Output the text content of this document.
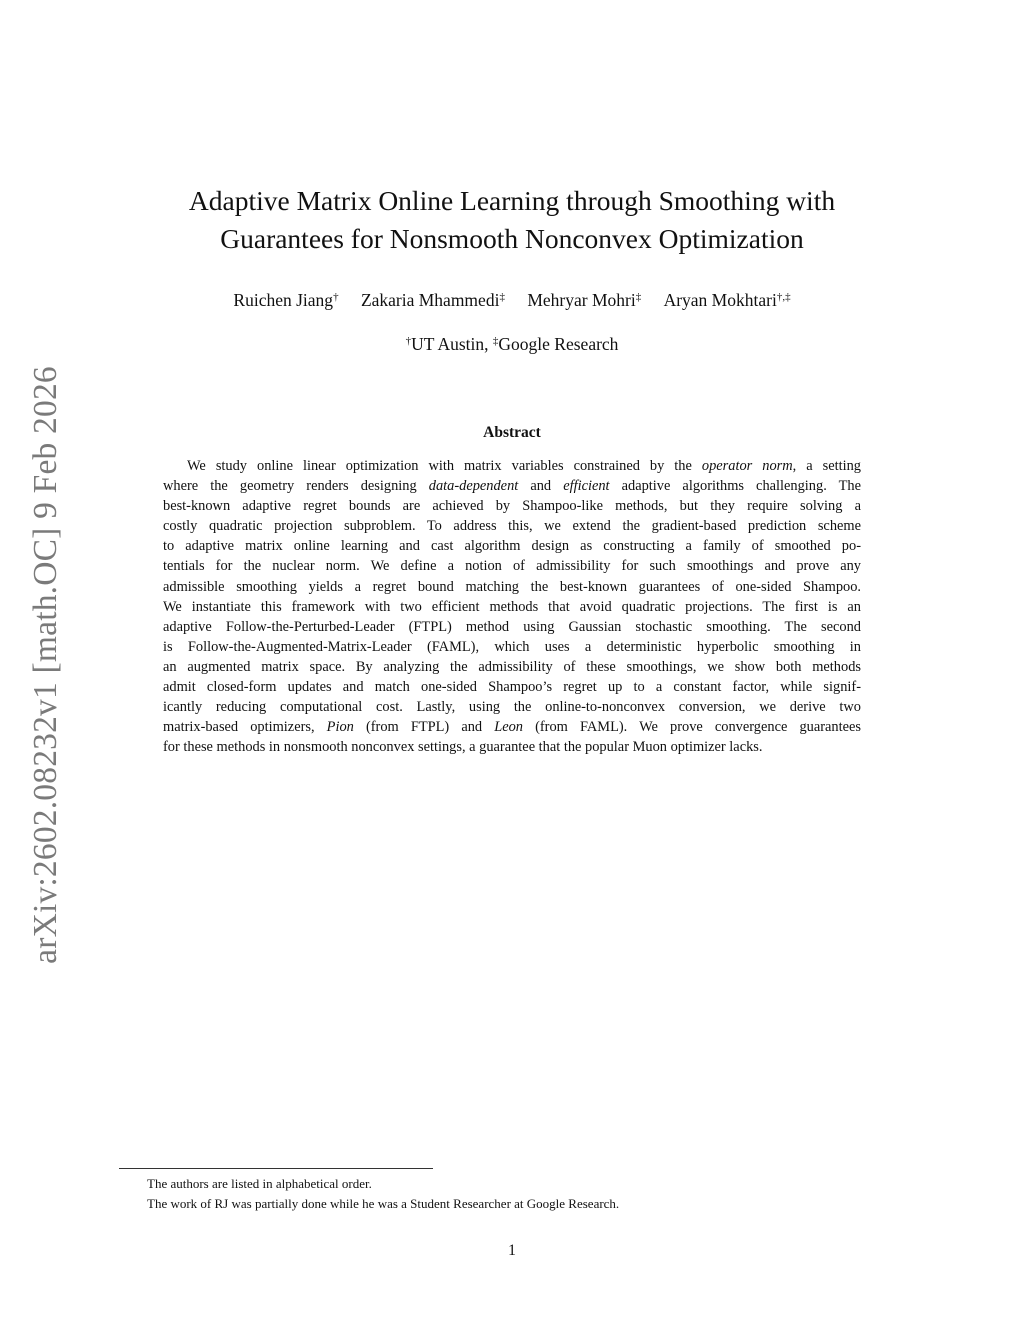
arXiv:2602.08232v1 [math.OC] 9 Feb 2026
Adaptive Matrix Online Learning through Smoothing with
Guarantees for Nonsmooth Nonconvex Optimization
Ruichen Jiang† Zakaria Mhammedi‡ Mehryar Mohri‡ Aryan Mokhtari†,‡
†UT Austin, ‡Google Research
Abstract

We study online linear optimization with matrix variables constrained by the operator norm, a setting
where the geometry renders designing data-dependent and efficient adaptive algorithms challenging. The
best-known adaptive regret bounds are achieved by Shampoo-like methods, but they require solving a
costly quadratic projection subproblem. To address this, we extend the gradient-based prediction scheme
to adaptive matrix online learning and cast algorithm design as constructing a family of smoothed po-
tentials for the nuclear norm. We define a notion of admissibility for such smoothings and prove any
admissible smoothing yields a regret bound matching the best-known guarantees of one-sided Shampoo.
We instantiate this framework with two efficient methods that avoid quadratic projections. The first is an
adaptive Follow-the-Perturbed-Leader (FTPL) method using Gaussian stochastic smoothing. The second
is Follow-the-Augmented-Matrix-Leader (FAML), which uses a deterministic hyperbolic smoothing in
an augmented matrix space. By analyzing the admissibility of these smoothings, we show both methods
admit closed-form updates and match one-sided Shampoo’s regret up to a constant factor, while signif-
icantly reducing computational cost. Lastly, using the online-to-nonconvex conversion, we derive two
matrix-based optimizers, Pion (from FTPL) and Leon (from FAML). We prove convergence guarantees
for these methods in nonsmooth nonconvex settings, a guarantee that the popular Muon optimizer lacks.

The authors are listed in alphabetical order.
The work of RJ was partially done while he was a Student Researcher at Google Research.
1
